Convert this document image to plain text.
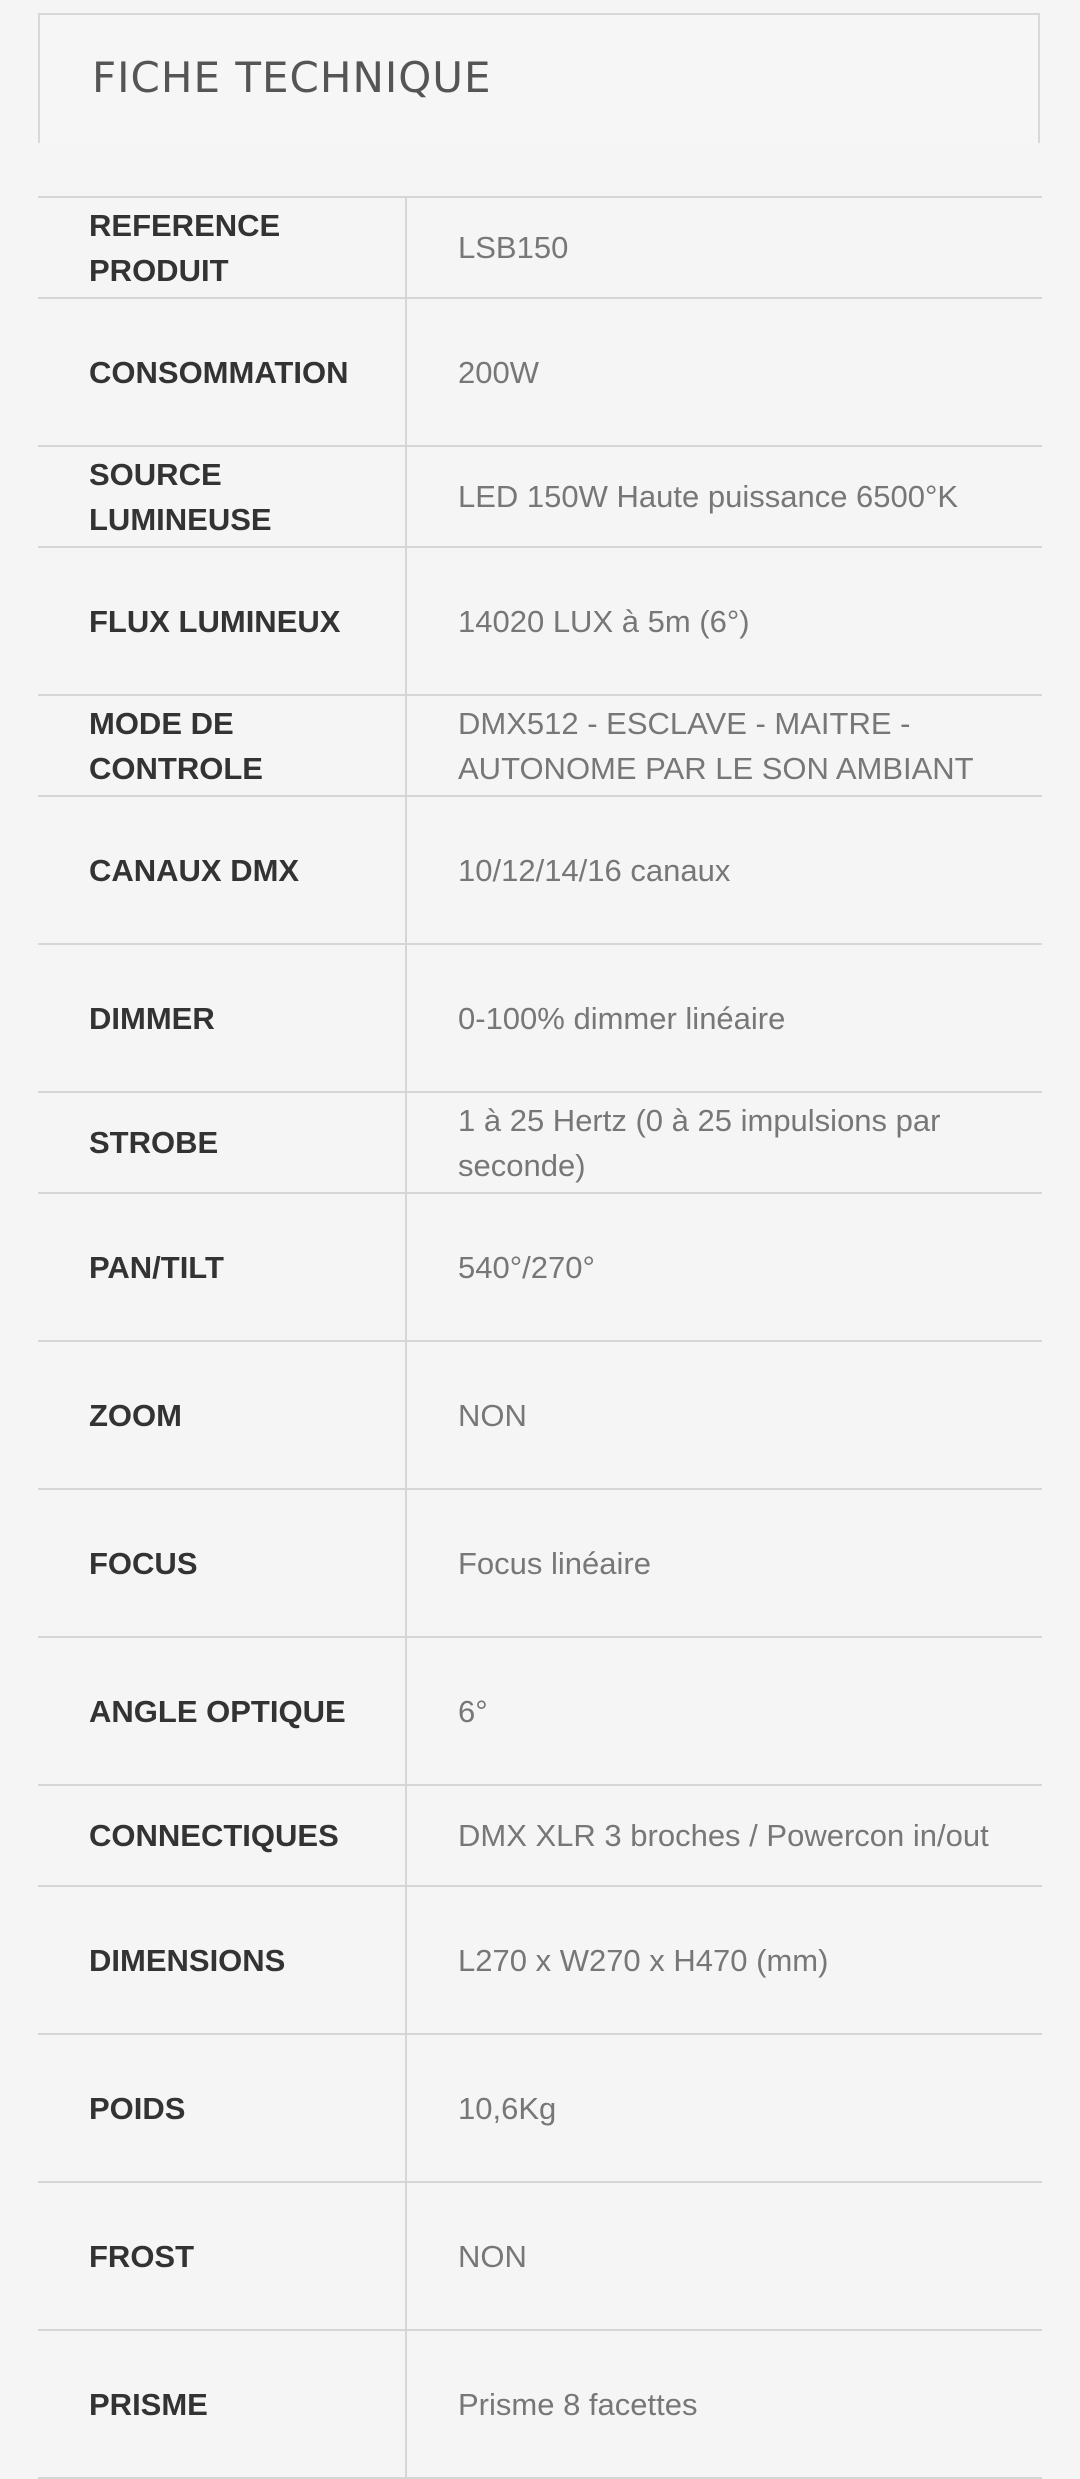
FICHE TECHNIQUE
REFERENCE PRODUIT	LSB150
CONSOMMATION	200W
SOURCE LUMINEUSE	LED 150W Haute puissance 6500°K
FLUX LUMINEUX	14020 LUX à 5m (6°)
MODE DE CONTROLE	DMX512 - ESCLAVE - MAITRE - AUTONOME PAR LE SON AMBIANT
CANAUX DMX	10/12/14/16 canaux
DIMMER	0-100% dimmer linéaire
STROBE	1 à 25 Hertz (0 à 25 impulsions par seconde)
PAN/TILT	540°/270°
ZOOM	NON
FOCUS	Focus linéaire
ANGLE OPTIQUE	6°
CONNECTIQUES	DMX XLR 3 broches / Powercon in/out
DIMENSIONS	L270 x W270 x H470 (mm)
POIDS	10,6Kg
FROST	NON
PRISME	Prisme 8 facettes
